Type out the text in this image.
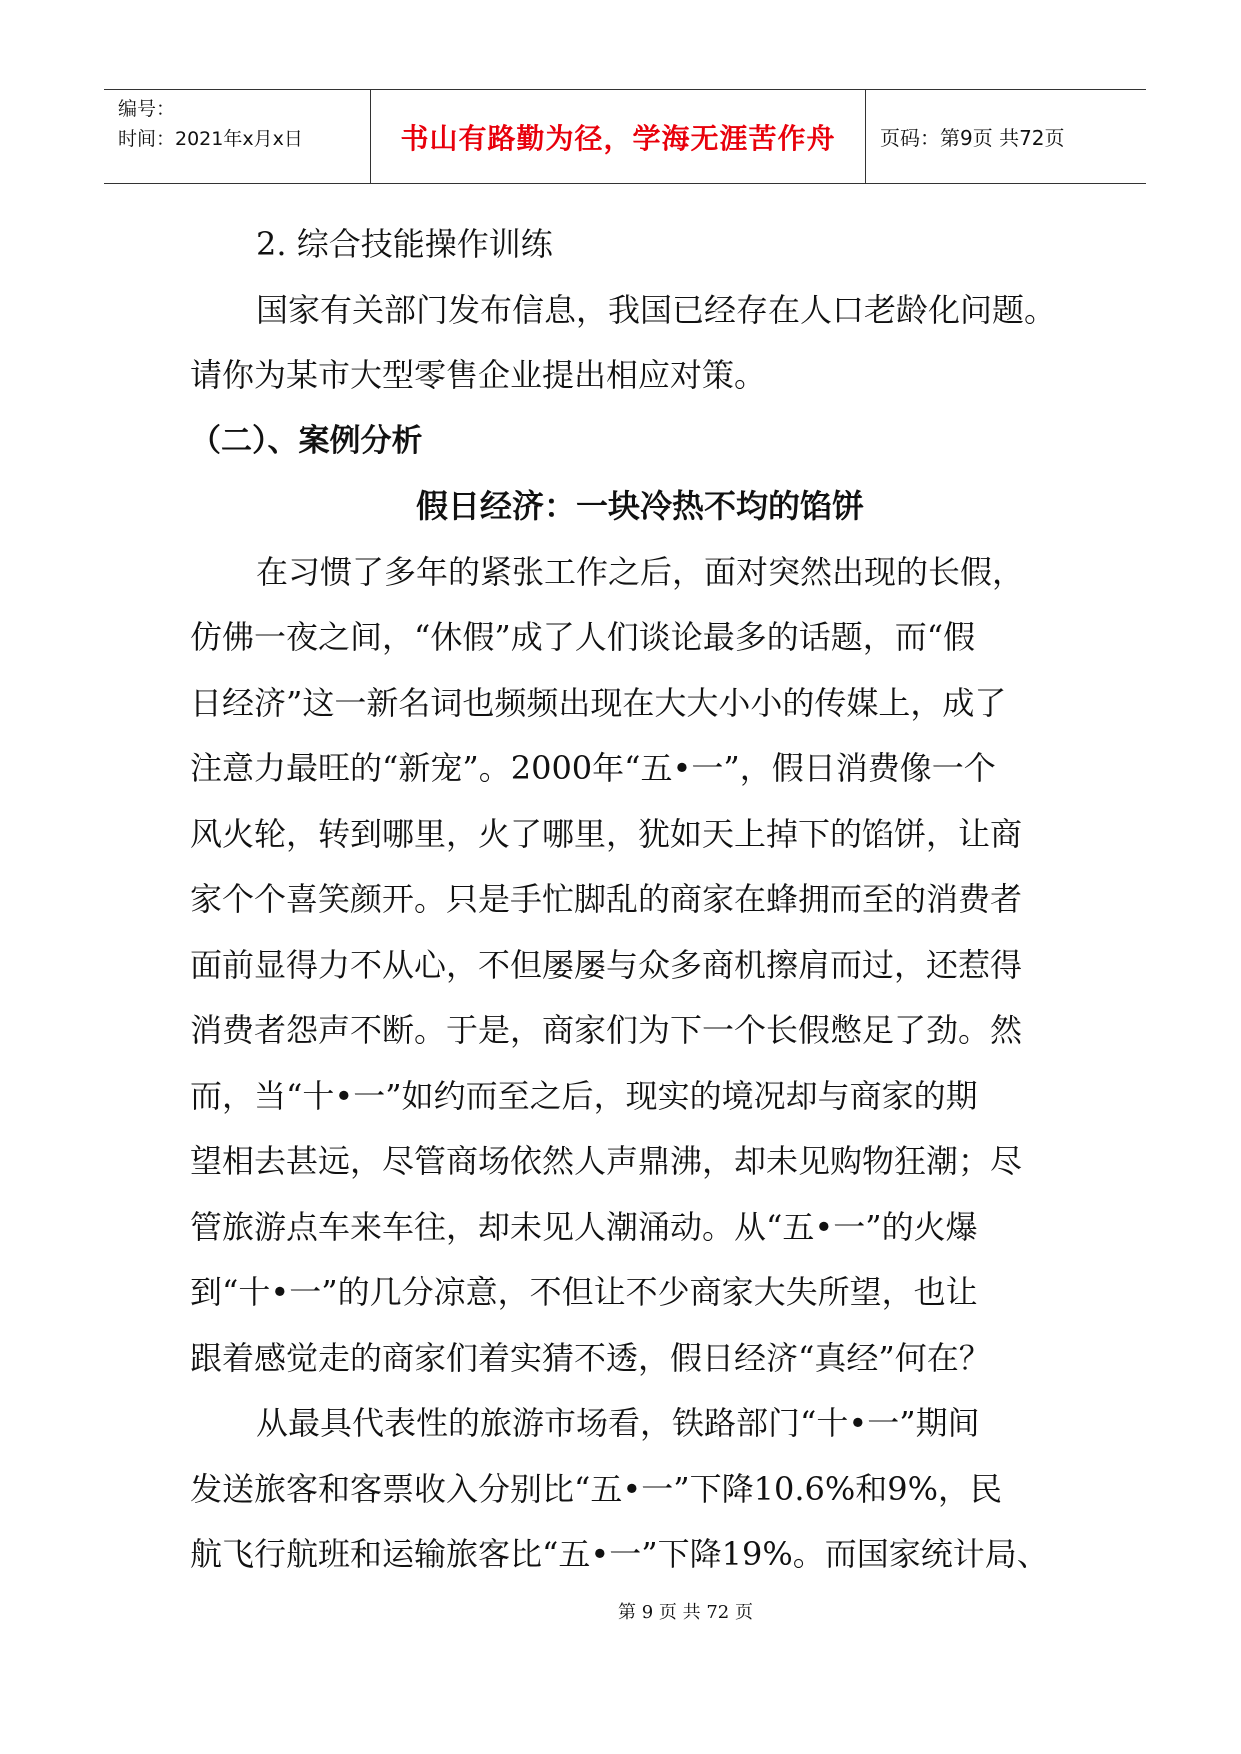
编号：
时间：2021年x月x日	书山有路勤为径，学海无涯苦作舟	页码：第9页 共72页
2. 综合技能操作训练
国家有关部门发布信息，我国已经存在人口老龄化问题。
请你为某市大型零售企业提出相应对策。
（二）、案例分析
假日经济：一块冷热不均的馅饼
在习惯了多年的紧张工作之后，面对突然出现的长假，
仿佛一夜之间，“休假”成了人们谈论最多的话题，而“假
日经济”这一新名词也频频出现在大大小小的传媒上，成了
注意力最旺的“新宠”。2000年“五•一”，假日消费像一个
风火轮，转到哪里，火了哪里，犹如天上掉下的馅饼，让商
家个个喜笑颜开。只是手忙脚乱的商家在蜂拥而至的消费者
面前显得力不从心，不但屡屡与众多商机擦肩而过，还惹得
消费者怨声不断。于是，商家们为下一个长假憋足了劲。然
而，当“十•一”如约而至之后，现实的境况却与商家的期
望相去甚远，尽管商场依然人声鼎沸，却未见购物狂潮；尽
管旅游点车来车往，却未见人潮涌动。从“五•一”的火爆
到“十•一”的几分凉意，不但让不少商家大失所望，也让
跟着感觉走的商家们着实猜不透，假日经济“真经”何在？
从最具代表性的旅游市场看，铁路部门“十•一”期间
发送旅客和客票收入分别比“五•一”下降10.6%和9%，民
航飞行航班和运输旅客比“五•一”下降19%。而国家统计局、
第 9 页 共 72 页
